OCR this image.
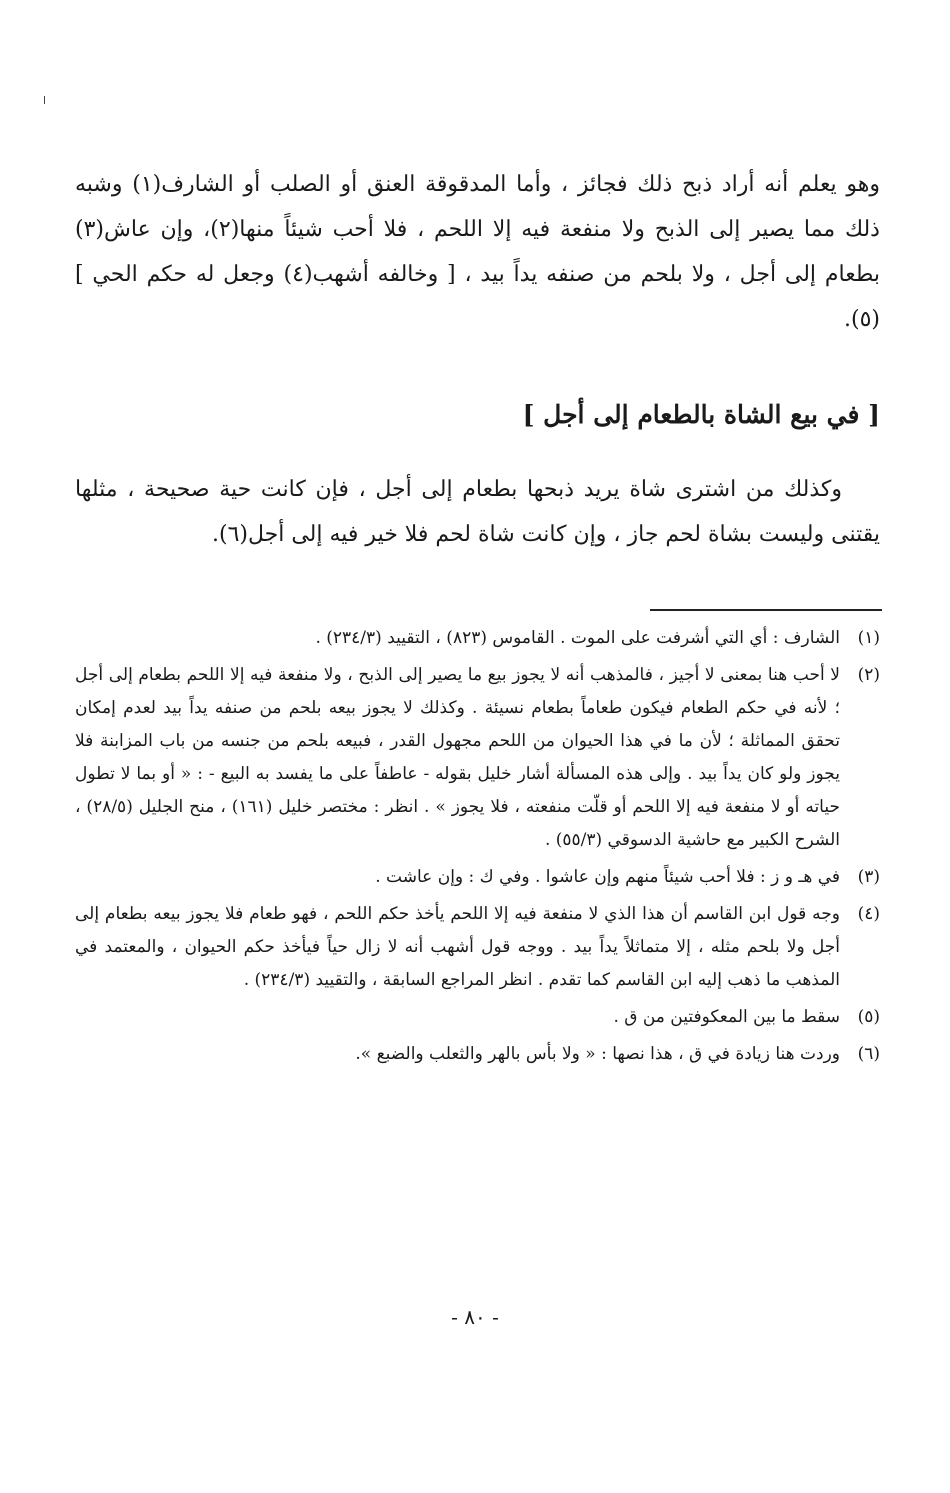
وهو يعلم أنه أراد ذبح ذلك فجائز ، وأما المدقوقة العنق أو الصلب أو الشارف(١) وشبه ذلك مما يصير إلى الذبح ولا منفعة فيه إلا اللحم ، فلا أحب شيئاً منها(٢)، وإن عاش(٣) بطعام إلى أجل ، ولا بلحم من صنفه يداً بيد ، [ وخالفه أشهب(٤) وجعل له حكم الحي ](٥).
[ في بيع الشاة بالطعام إلى أجل ]
وكذلك من اشترى شاة يريد ذبحها بطعام إلى أجل ، فإن كانت حية صحيحة ، مثلها يقتنى وليست بشاة لحم جاز ، وإن كانت شاة لحم فلا خير فيه إلى أجل(٦).
(١)
الشارف : أي التي أشرفت على الموت . القاموس (٨٢٣) ، التقييد (٢٣٤/٣) .
(٢)
لا أحب هنا بمعنى لا أجيز ، فالمذهب أنه لا يجوز بيع ما يصير إلى الذبح ، ولا منفعة فيه إلا اللحم بطعام إلى أجل ؛ لأنه في حكم الطعام فيكون طعاماً بطعام نسيئة . وكذلك لا يجوز بيعه بلحم من صنفه يداً بيد لعدم إمكان تحقق المماثلة ؛ لأن ما في هذا الحيوان من اللحم مجهول القدر ، فبيعه بلحم من جنسه من باب المزابنة فلا يجوز ولو كان يداً بيد . وإلى هذه المسألة أشار خليل بقوله - عاطفاً على ما يفسد به البيع - : « أو بما لا تطول حياته أو لا منفعة فيه إلا اللحم أو قلّت منفعته ، فلا يجوز » . انظر : مختصر خليل (١٦١) ، منح الجليل (٢٨/٥) ، الشرح الكبير مع حاشية الدسوقي (٥٥/٣) .
(٣)
في هـ و ز : فلا أحب شيئاً منهم وإن عاشوا . وفي ك : وإن عاشت .
(٤)
وجه قول ابن القاسم أن هذا الذي لا منفعة فيه إلا اللحم يأخذ حكم اللحم ، فهو طعام فلا يجوز بيعه بطعام إلى أجل ولا بلحم مثله ، إلا متماثلاً يداً بيد . ووجه قول أشهب أنه لا زال حياً فيأخذ حكم الحيوان ، والمعتمد في المذهب ما ذهب إليه ابن القاسم كما تقدم . انظر المراجع السابقة ، والتقييد (٢٣٤/٣) .
(٥)
سقط ما بين المعكوفتين من ق .
(٦)
وردت هنا زيادة في ق ، هذا نصها : « ولا بأس بالهر والثعلب والضبع ».
- ٨٠ -
